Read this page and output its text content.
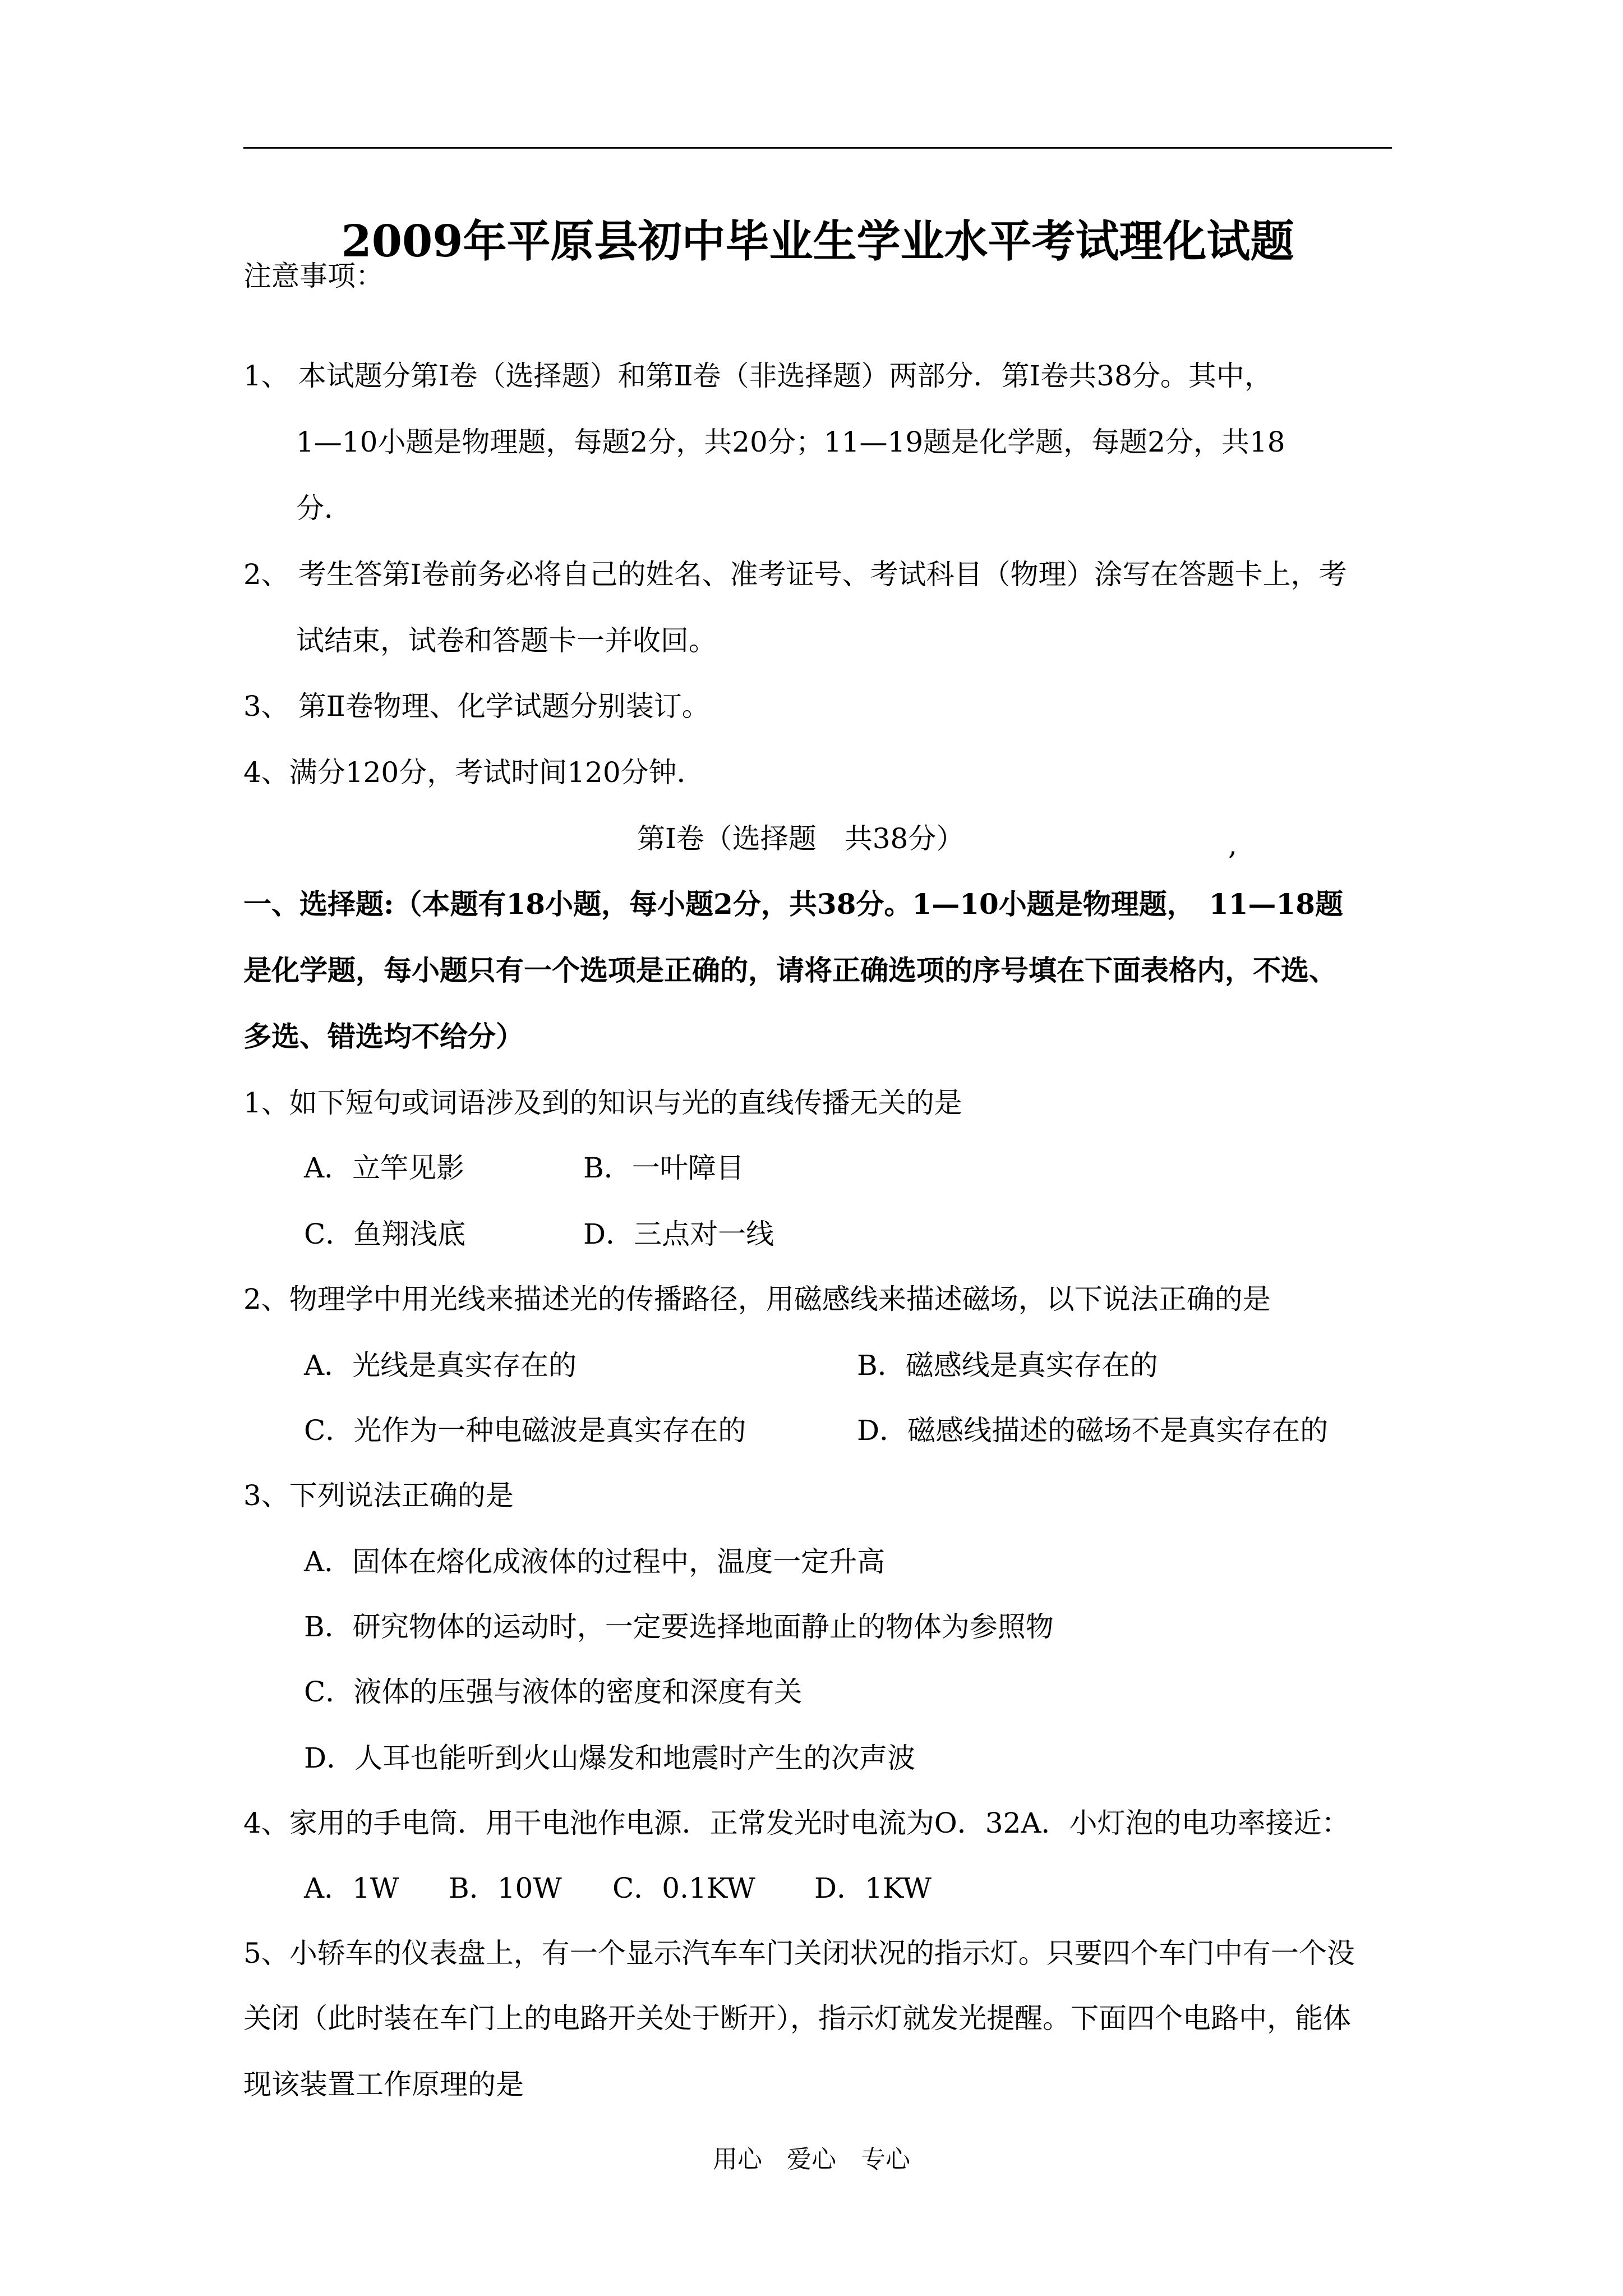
2009年平原县初中毕业生学业水平考试理化试题
注意事项：
1、 本试题分第Ⅰ卷（选择题）和第Ⅱ卷（非选择题）两部分．第Ⅰ卷共38分。其中，
1—10小题是物理题，每题2分，共20分；11—19题是化学题，每题2分，共18
分．
2、 考生答第Ⅰ卷前务必将自己的姓名、准考证号、考试科目（物理）涂写在答题卡上，考
试结束，试卷和答题卡一并收回。
3、 第Ⅱ卷物理、化学试题分别装订。
4、满分120分，考试时间120分钟．
第Ⅰ卷（选择题　共38分）	,
一、选择题:（本题有18小题，每小题2分，共38分。1—10小题是物理题，　11—18题
是化学题，每小题只有一个选项是正确的，请将正确选项的序号填在下面表格内，不选、
多选、错选均不给分）
1、如下短句或词语涉及到的知识与光的直线传播无关的是
A．立竿见影	B．一叶障目
C．鱼翔浅底	D．三点对一线
2、物理学中用光线来描述光的传播路径，用磁感线来描述磁场，以下说法正确的是
A．光线是真实存在的	B．磁感线是真实存在的
C．光作为一种电磁波是真实存在的	D．磁感线描述的磁场不是真实存在的
3、下列说法正确的是
A．固体在熔化成液体的过程中，温度一定升高
B．研究物体的运动时，一定要选择地面静止的物体为参照物
C．液体的压强与液体的密度和深度有关
D．人耳也能听到火山爆发和地震时产生的次声波
4、家用的手电筒．用干电池作电源．正常发光时电流为O．32A．小灯泡的电功率接近：
A．1W B．10W C．0.1KW D．1KW
5、小轿车的仪表盘上，有一个显示汽车车门关闭状况的指示灯。只要四个车门中有一个没
关闭（此时装在车门上的电路开关处于断开），指示灯就发光提醒。下面四个电路中，能体
现该装置工作原理的是
用心　爱心　专心
